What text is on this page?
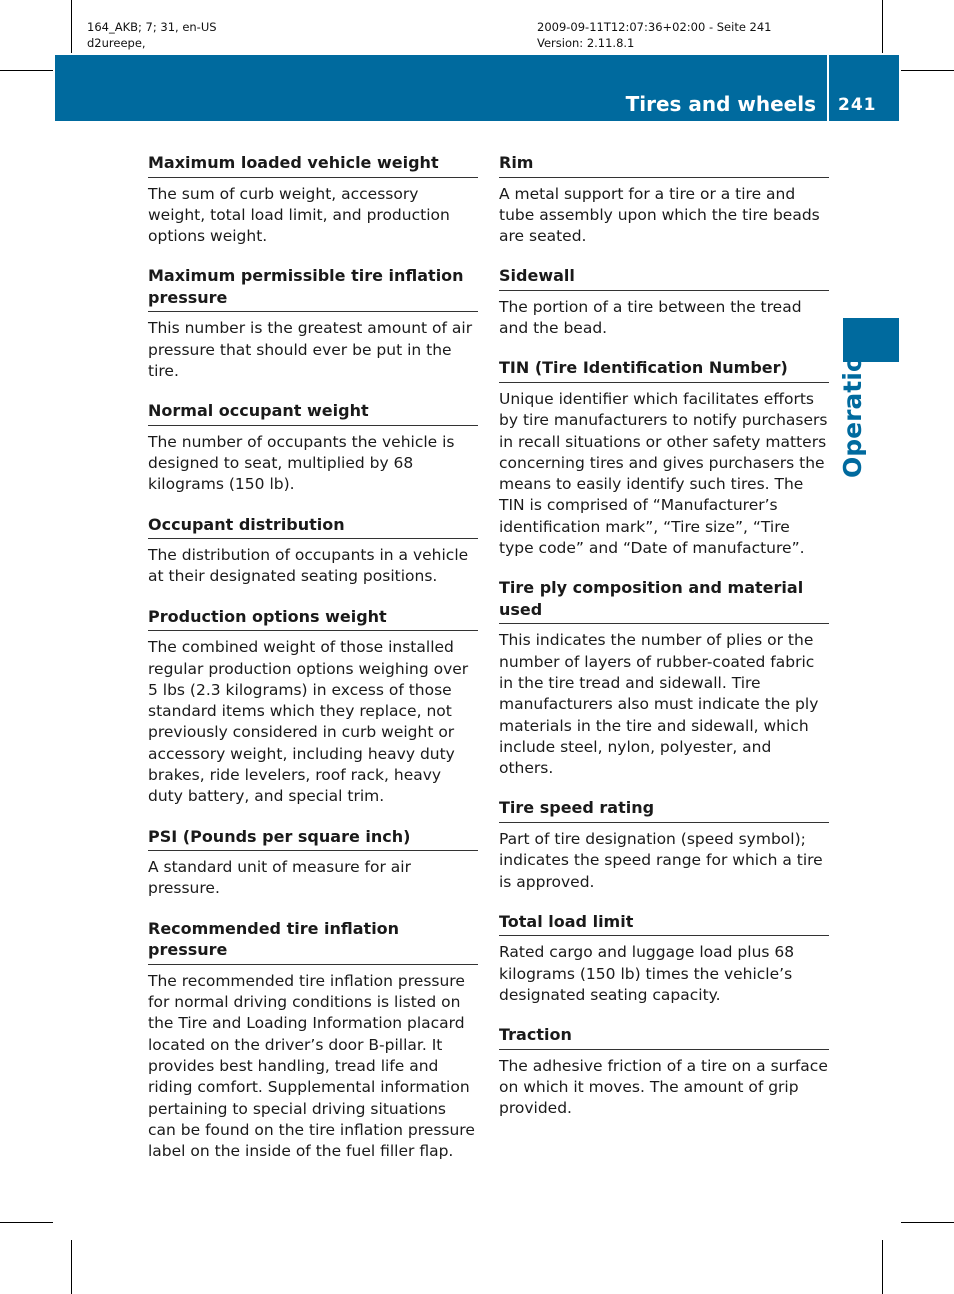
164_AKB; 7; 31, en-US
d2ureepe,
2009-09-11T12:07:36+02:00 - Seite 241
Version: 2.11.8.1
Tires and wheels 241
Operation
Maximum loaded vehicle weight
The sum of curb weight, accessory weight, total load limit, and production options weight.
Maximum permissible tire inflation pressure
This number is the greatest amount of air pressure that should ever be put in the tire.
Normal occupant weight
The number of occupants the vehicle is designed to seat, multiplied by 68 kilograms (150 lb).
Occupant distribution
The distribution of occupants in a vehicle at their designated seating positions.
Production options weight
The combined weight of those installed regular production options weighing over 5 lbs (2.3 kilograms) in excess of those standard items which they replace, not previously considered in curb weight or accessory weight, including heavy duty brakes, ride levelers, roof rack, heavy duty battery, and special trim.
PSI (Pounds per square inch)
A standard unit of measure for air pressure.
Recommended tire inflation pressure
The recommended tire inflation pressure for normal driving conditions is listed on the Tire and Loading Information placard located on the driver’s door B-pillar. It provides best handling, tread life and riding comfort. Supplemental information pertaining to special driving situations can be found on the tire inflation pressure label on the inside of the fuel filler flap.
Rim
A metal support for a tire or a tire and tube assembly upon which the tire beads are seated.
Sidewall
The portion of a tire between the tread and the bead.
TIN (Tire Identification Number)
Unique identifier which facilitates efforts by tire manufacturers to notify purchasers in recall situations or other safety matters concerning tires and gives purchasers the means to easily identify such tires. The TIN is comprised of “Manufacturer’s identification mark”, “Tire size”, “Tire type code” and “Date of manufacture”.
Tire ply composition and material used
This indicates the number of plies or the number of layers of rubber-coated fabric in the tire tread and sidewall. Tire manufacturers also must indicate the ply materials in the tire and sidewall, which include steel, nylon, polyester, and others.
Tire speed rating
Part of tire designation (speed symbol); indicates the speed range for which a tire is approved.
Total load limit
Rated cargo and luggage load plus 68 kilograms (150 lb) times the vehicle’s designated seating capacity.
Traction
The adhesive friction of a tire on a surface on which it moves. The amount of grip provided.
